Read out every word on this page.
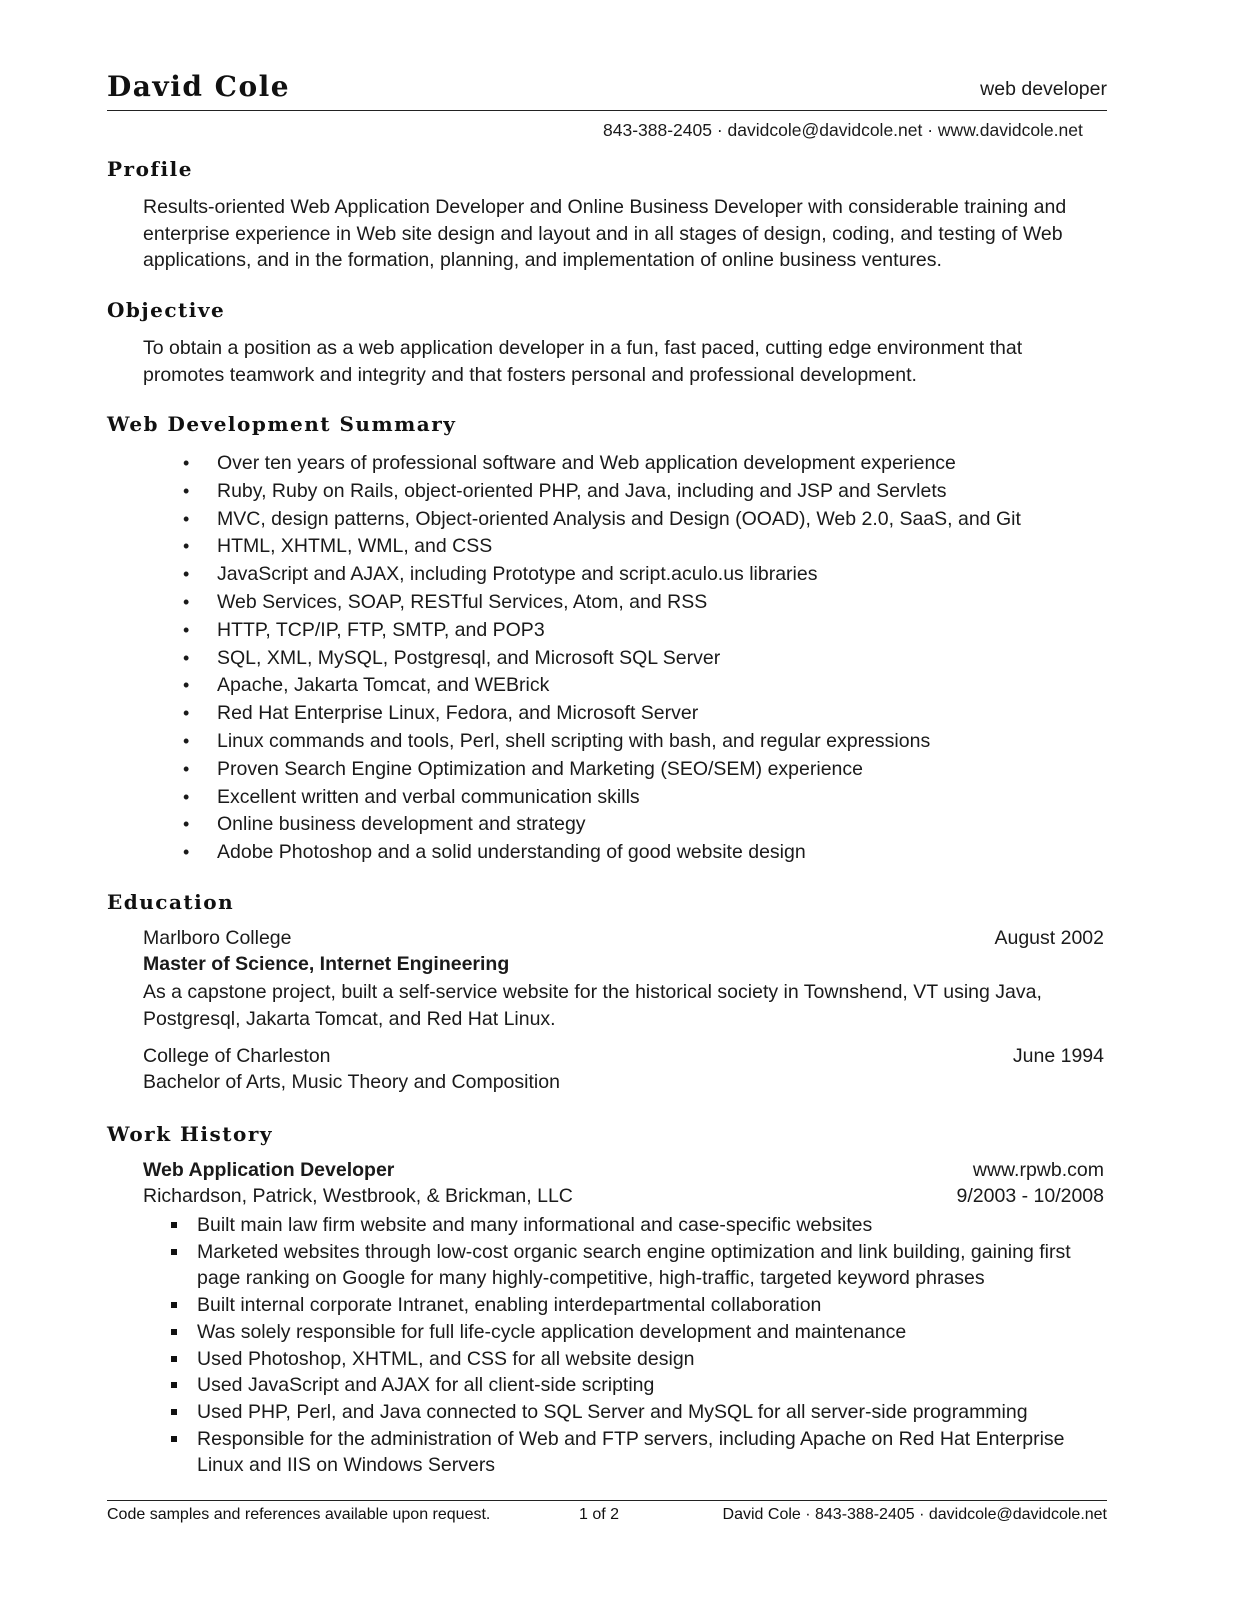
David Cole	web developer
843-388-2405 · davidcole@davidcole.net · www.davidcole.net
Profile
Results-oriented Web Application Developer and Online Business Developer with considerable training and enterprise experience in Web site design and layout and in all stages of design, coding, and testing of Web applications, and in the formation, planning, and implementation of online business ventures.
Objective
To obtain a position as a web application developer in a fun, fast paced, cutting edge environment that promotes teamwork and integrity and that fosters personal and professional development.
Web Development Summary
• Over ten years of professional software and Web application development experience
• Ruby, Ruby on Rails, object-oriented PHP, and Java, including and JSP and Servlets
• MVC, design patterns, Object-oriented Analysis and Design (OOAD), Web 2.0, SaaS, and Git
• HTML, XHTML, WML, and CSS
• JavaScript and AJAX, including Prototype and script.aculo.us libraries
• Web Services, SOAP, RESTful Services, Atom, and RSS
• HTTP, TCP/IP, FTP, SMTP, and POP3
• SQL, XML, MySQL, Postgresql, and Microsoft SQL Server
• Apache, Jakarta Tomcat, and WEBrick
• Red Hat Enterprise Linux, Fedora, and Microsoft Server
• Linux commands and tools, Perl, shell scripting with bash, and regular expressions
• Proven Search Engine Optimization and Marketing (SEO/SEM) experience
• Excellent written and verbal communication skills
• Online business development and strategy
• Adobe Photoshop and a solid understanding of good website design
Education
Marlboro College	August 2002
Master of Science, Internet Engineering
As a capstone project, built a self-service website for the historical society in Townshend, VT using Java, Postgresql, Jakarta Tomcat, and Red Hat Linux.
College of Charleston	June 1994
Bachelor of Arts, Music Theory and Composition
Work History
Web Application Developer	www.rpwb.com
Richardson, Patrick, Westbrook, & Brickman, LLC	9/2003 - 10/2008
Built main law firm website and many informational and case-specific websites
Marketed websites through low-cost organic search engine optimization and link building, gaining first page ranking on Google for many highly-competitive, high-traffic, targeted keyword phrases
Built internal corporate Intranet, enabling interdepartmental collaboration
Was solely responsible for full life-cycle application development and maintenance
Used Photoshop, XHTML, and CSS for all website design
Used JavaScript and AJAX for all client-side scripting
Used PHP, Perl, and Java connected to SQL Server and MySQL for all server-side programming
Responsible for the administration of Web and FTP servers, including Apache on Red Hat Enterprise Linux and IIS on Windows Servers
Code samples and references available upon request.	1 of 2	David Cole · 843-388-2405 · davidcole@davidcole.net
